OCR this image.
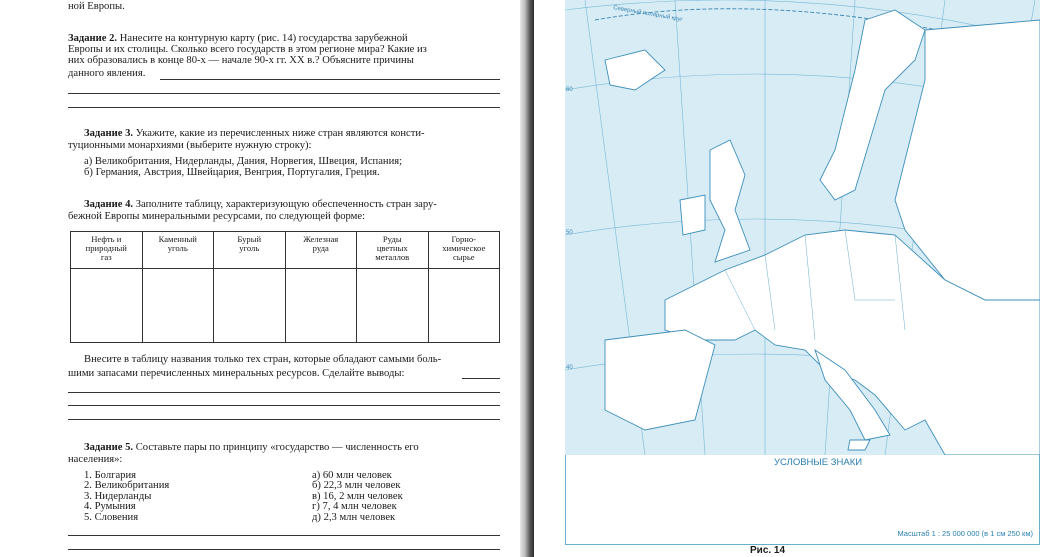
ной Европы.
Задание 2. Нанесите на контурную карту (рис. 14) государства зарубежной
Европы и их столицы. Сколько всего государств в этом регионе мира? Какие из
них образовались в конце 80-х — начале 90-х гг. XX в.? Объясните причины
данного явления.
Задание 3. Укажите, какие из перечисленных ниже стран являются консти-
туционными монархиями (выберите нужную строку):
а) Великобритания, Нидерланды, Дания, Норвегия, Швеция, Испания;
б) Германия, Австрия, Швейцария, Венгрия, Португалия, Греция.
Задание 4. Заполните таблицу, характеризующую обеспеченность стран зару-
бежной Европы минеральными ресурсами, по следующей форме:
Нефть и
природный
газ	Каменный
уголь	Бурый
уголь	Железная
руда	Руды
цветных
металлов	Горно-
химическое
сырье

Внесите в таблицу названия только тех стран, которые обладают самыми боль-
шими запасами перечисленных минеральных ресурсов. Сделайте выводы:
Задание 5. Составьте пары по принципу «государство — численность его
населения»:
1. Болгария
2. Великобритания
3. Нидерланды
4. Румыния
5. Словения
а) 60 млн человек
б) 22,3 млн человек
в) 16, 2 млн человек
г) 7, 4 млн человек
д) 2,3 млн человек
Северный полярный круг
60
50
40
УСЛОВНЫЕ ЗНАКИ
Масштаб 1 : 25 000 000 (в 1 см 250 км)
Рис. 14
